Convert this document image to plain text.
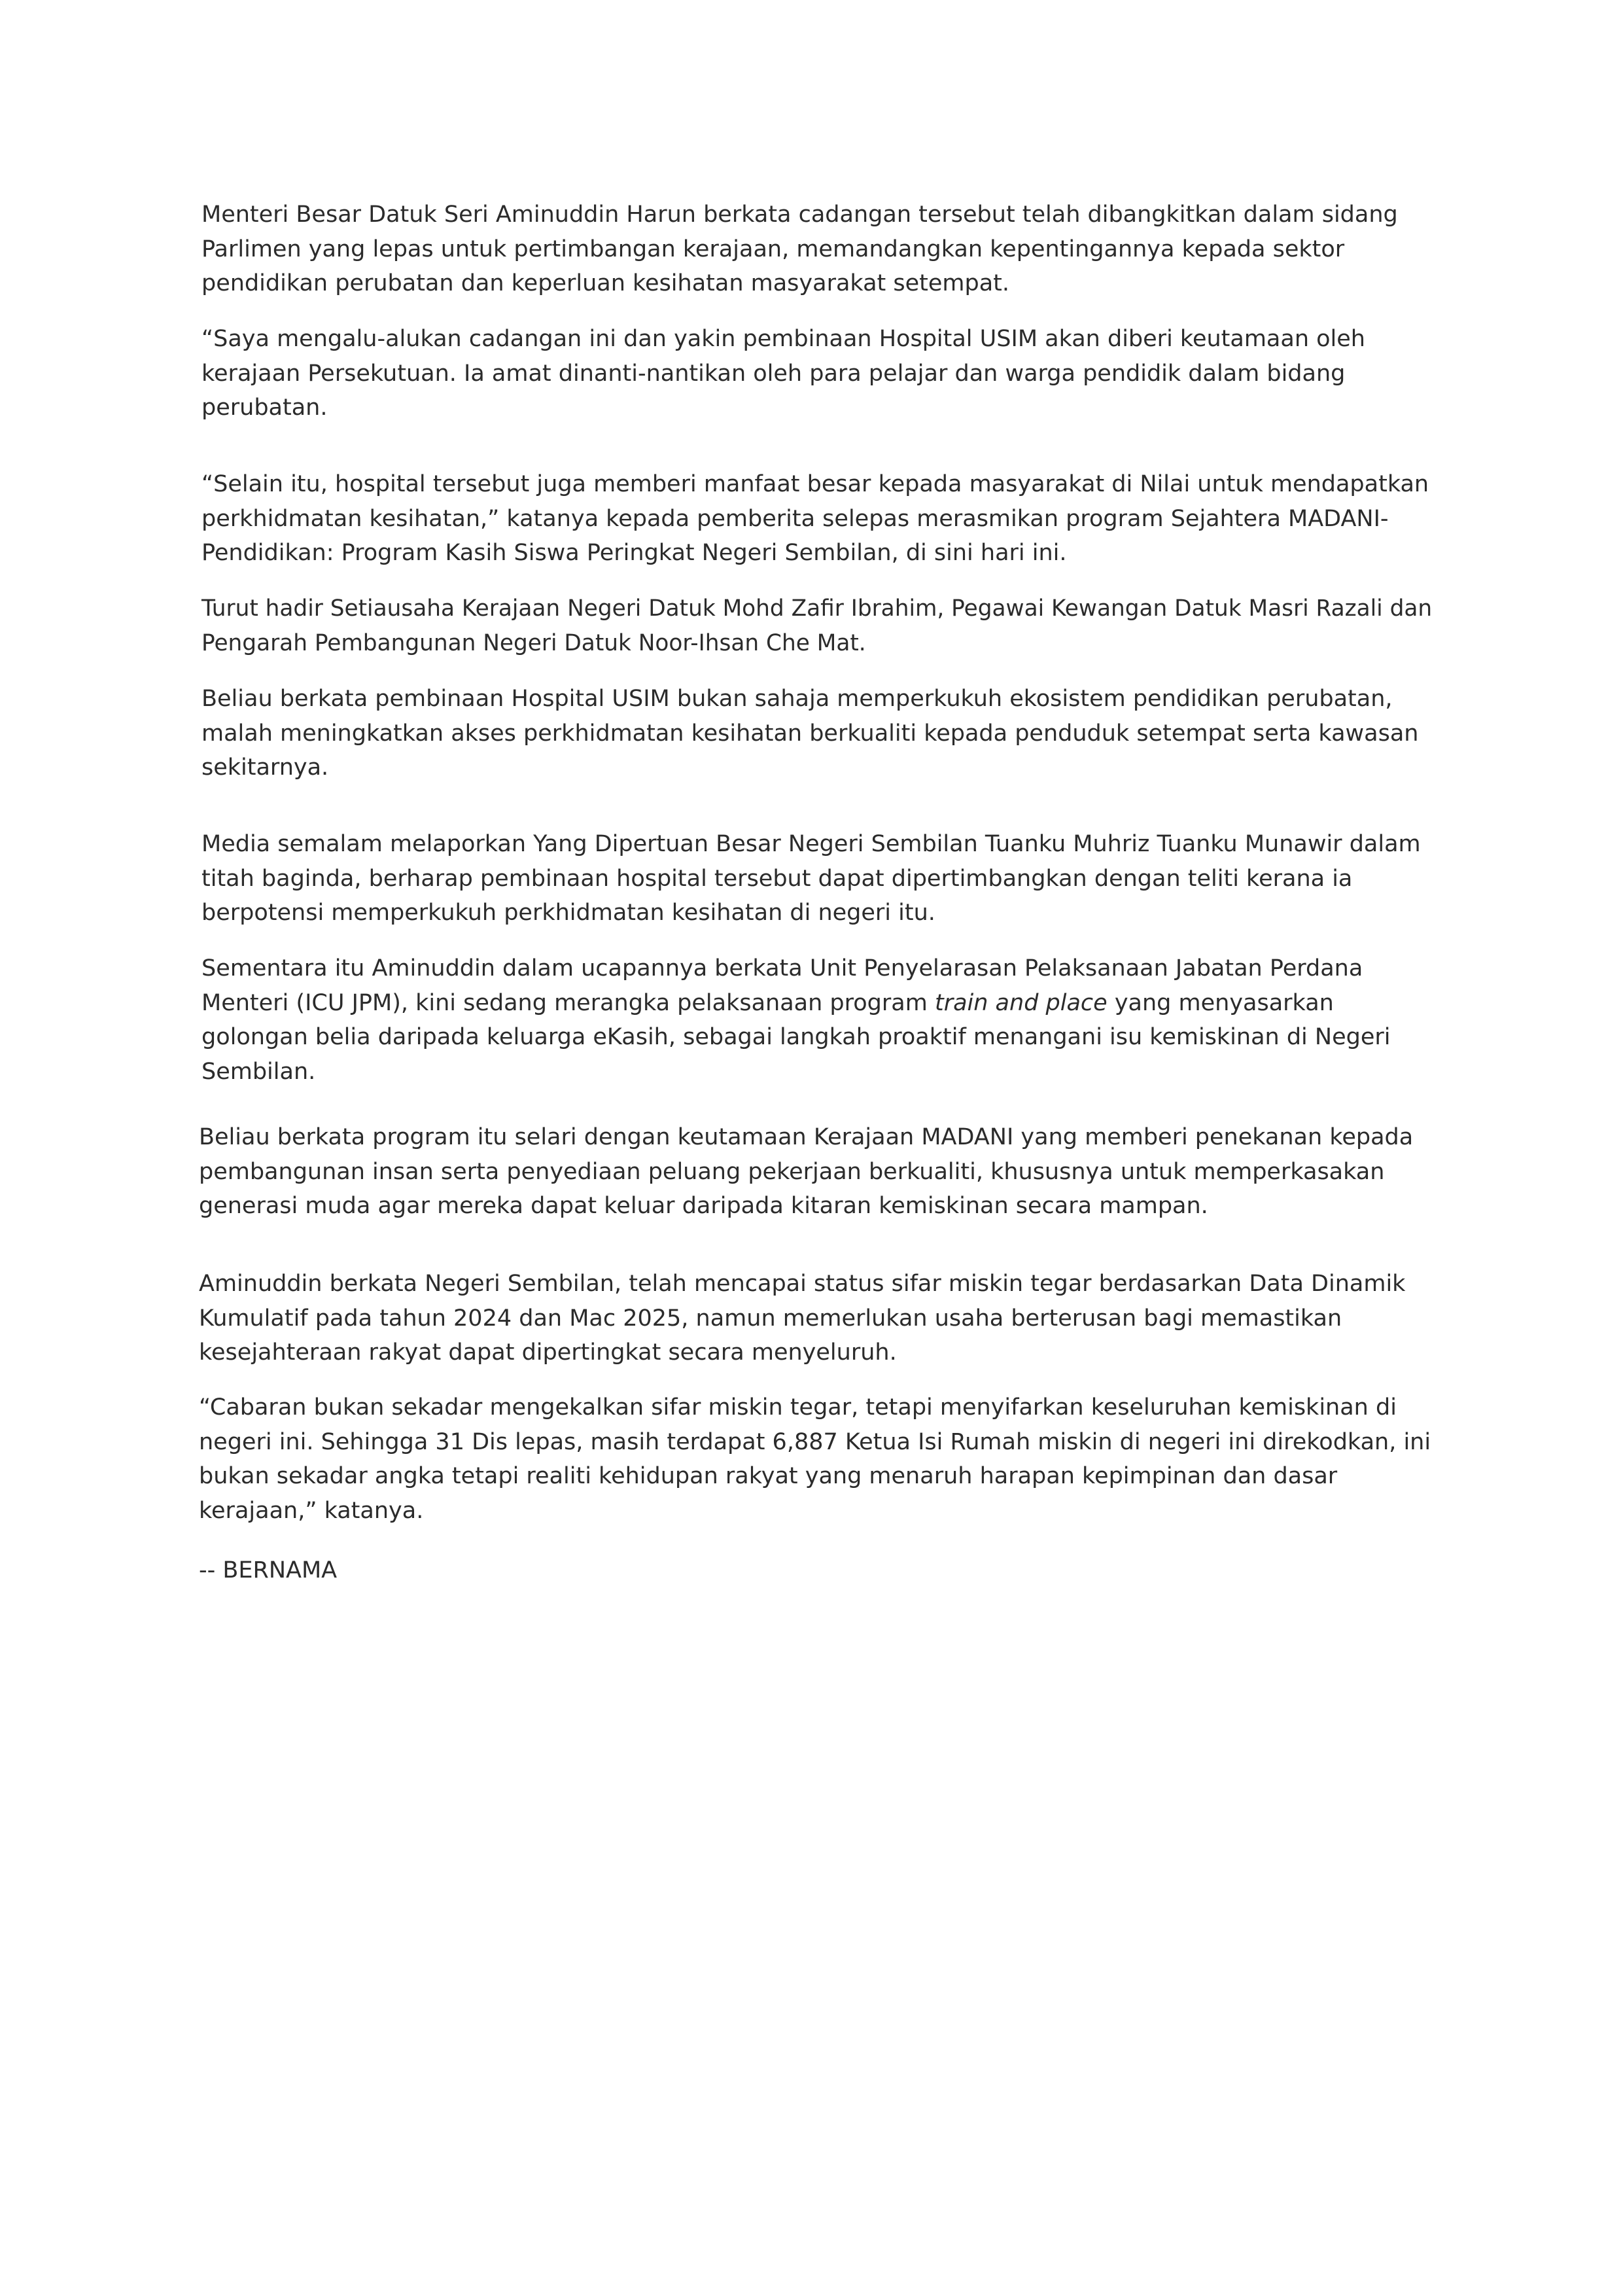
Menteri Besar Datuk Seri Aminuddin Harun berkata cadangan tersebut telah dibangkitkan dalam sidang
Parlimen yang lepas untuk pertimbangan kerajaan, memandangkan kepentingannya kepada sektor
pendidikan perubatan dan keperluan kesihatan masyarakat setempat.

“Saya mengalu-alukan cadangan ini dan yakin pembinaan Hospital USIM akan diberi keutamaan oleh
kerajaan Persekutuan. Ia amat dinanti-nantikan oleh para pelajar dan warga pendidik dalam bidang
perubatan.

“Selain itu, hospital tersebut juga memberi manfaat besar kepada masyarakat di Nilai untuk mendapatkan
perkhidmatan kesihatan,” katanya kepada pemberita selepas merasmikan program Sejahtera MADANI-
Pendidikan: Program Kasih Siswa Peringkat Negeri Sembilan, di sini hari ini.

Turut hadir Setiausaha Kerajaan Negeri Datuk Mohd Zafir Ibrahim, Pegawai Kewangan Datuk Masri Razali dan
Pengarah Pembangunan Negeri Datuk Noor-Ihsan Che Mat.

Beliau berkata pembinaan Hospital USIM bukan sahaja memperkukuh ekosistem pendidikan perubatan,
malah meningkatkan akses perkhidmatan kesihatan berkualiti kepada penduduk setempat serta kawasan
sekitarnya.

Media semalam melaporkan Yang Dipertuan Besar Negeri Sembilan Tuanku Muhriz Tuanku Munawir dalam
titah baginda, berharap pembinaan hospital tersebut dapat dipertimbangkan dengan teliti kerana ia
berpotensi memperkukuh perkhidmatan kesihatan di negeri itu.

Sementara itu Aminuddin dalam ucapannya berkata Unit Penyelarasan Pelaksanaan Jabatan Perdana
Menteri (ICU JPM), kini sedang merangka pelaksanaan program train and place yang menyasarkan
golongan belia daripada keluarga eKasih, sebagai langkah proaktif menangani isu kemiskinan di Negeri
Sembilan.

Beliau berkata program itu selari dengan keutamaan Kerajaan MADANI yang memberi penekanan kepada
pembangunan insan serta penyediaan peluang pekerjaan berkualiti, khususnya untuk memperkasakan
generasi muda agar mereka dapat keluar daripada kitaran kemiskinan secara mampan.

Aminuddin berkata Negeri Sembilan, telah mencapai status sifar miskin tegar berdasarkan Data Dinamik
Kumulatif pada tahun 2024 dan Mac 2025, namun memerlukan usaha berterusan bagi memastikan
kesejahteraan rakyat dapat dipertingkat secara menyeluruh.

“Cabaran bukan sekadar mengekalkan sifar miskin tegar, tetapi menyifarkan keseluruhan kemiskinan di
negeri ini. Sehingga 31 Dis lepas, masih terdapat 6,887 Ketua Isi Rumah miskin di negeri ini direkodkan, ini
bukan sekadar angka tetapi realiti kehidupan rakyat yang menaruh harapan kepimpinan dan dasar
kerajaan,” katanya.

-- BERNAMA
